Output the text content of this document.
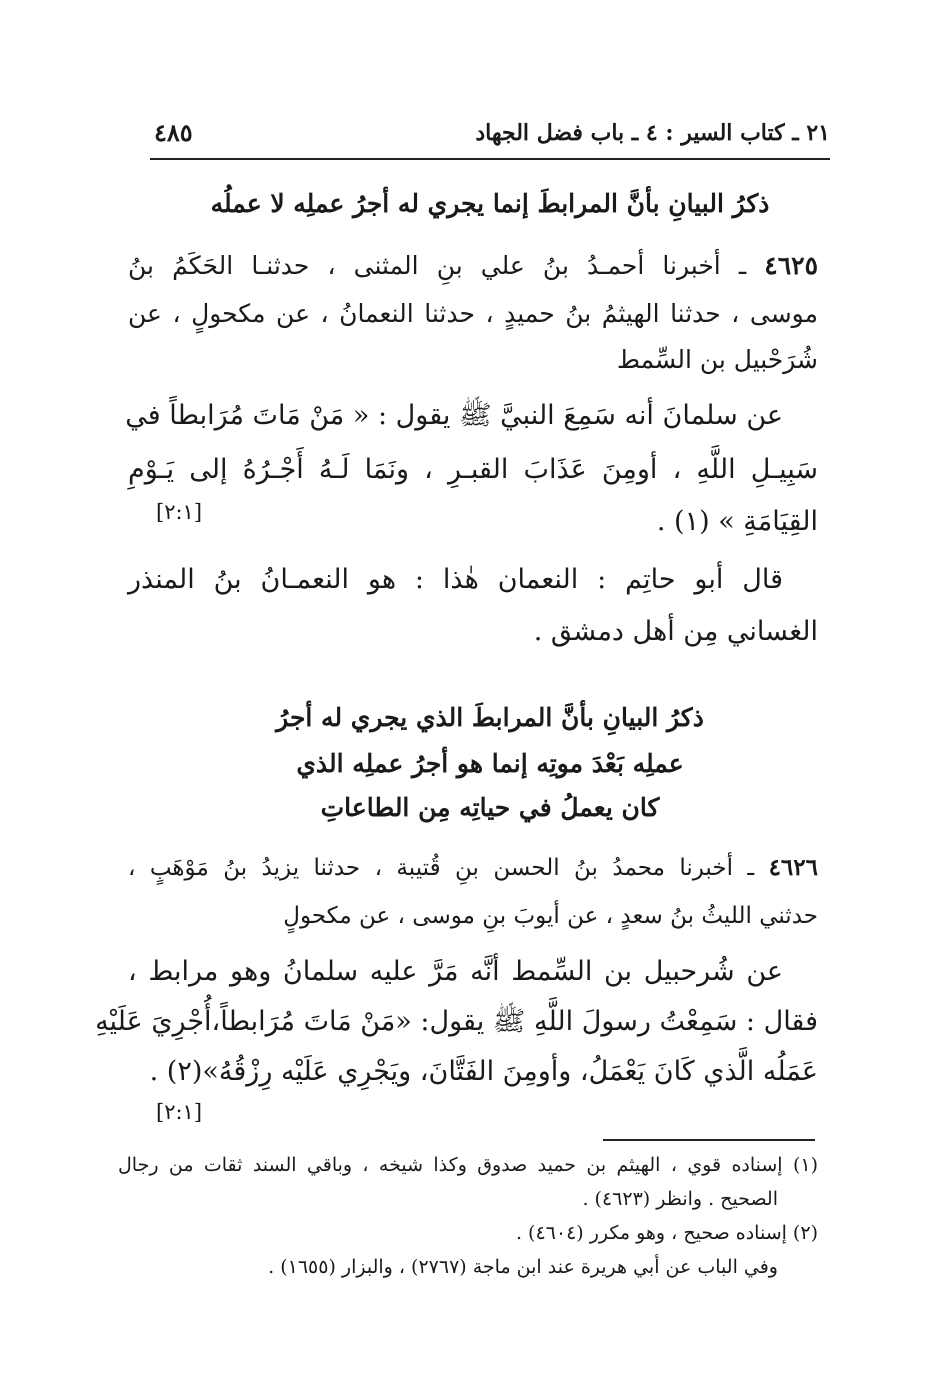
٢١ ـ كتاب السير : ٤ ـ باب فضل الجهاد
٤٨٥
ذكرُ البيانِ بأنَّ المرابطَ إنما يجري له أجرُ عملِه لا عملُه
٤٦٢٥ ـ أخبرنا أحمـدُ بنُ علي بنِ المثنى ، حدثنـا الحَكَمُ بنُ
موسى ، حدثنا الهيثمُ بنُ حميدٍ ، حدثنا النعمانُ ، عن مكحولٍ ، عن
شُرَحْبيل بن السِّمط
عن سلمانَ أنه سَمِعَ النبيَّ ﷺ يقول : « مَنْ مَاتَ مُرَابطاً في
سَبِيـلِ اللَّهِ ، أومِنَ عَذَابَ القبـرِ ، ونَمَا لَـهُ أَجْـرُهُ إلى يَـوْمِ
القِيَامَةِ » (١) .
[٢:١]
قال أبو حاتِم : النعمان هٰذا : هو النعمـانُ بنُ المنذر
الغساني مِن أهل دمشق .
ذكرُ البيانِ بأنَّ المرابطَ الذي يجري له أجرُ
عملِه بَعْدَ موتِه إنما هو أجرُ عملِه الذي
كان يعملُ في حياتِه مِن الطاعاتِ
٤٦٢٦ ـ أخبرنا محمدُ بنُ الحسن بنِ قُتيبة ، حدثنا يزيدُ بنُ مَوْهَبٍ ،
حدثني الليثُ بنُ سعدٍ ، عن أيوبَ بنِ موسى ، عن مكحولٍ
عن شُرحبيل بن السِّمط أنَّه مَرَّ عليه سلمانُ وهو مرابط ،
فقال : سَمِعْتُ رسولَ اللَّهِ ﷺ يقول: «مَنْ مَاتَ مُرَابطاً،أُجْرِيَ عَلَيْهِ
عَمَلُه الَّذي كَانَ يَعْمَلُ، وأومِنَ الفَتَّانَ، ويَجْرِي عَلَيْه رِزْقُهُ»(٢) .
[٢:١]
(١) إسناده قوي ، الهيثم بن حميد صدوق وكذا شيخه ، وباقي السند ثقات من رجال
الصحيح . وانظر (٤٦٢٣) .
(٢) إسناده صحيح ، وهو مكرر (٤٦٠٤) .
وفي الباب عن أبي هريرة عند ابن ماجة (٢٧٦٧) ، والبزار (١٦٥٥) .
